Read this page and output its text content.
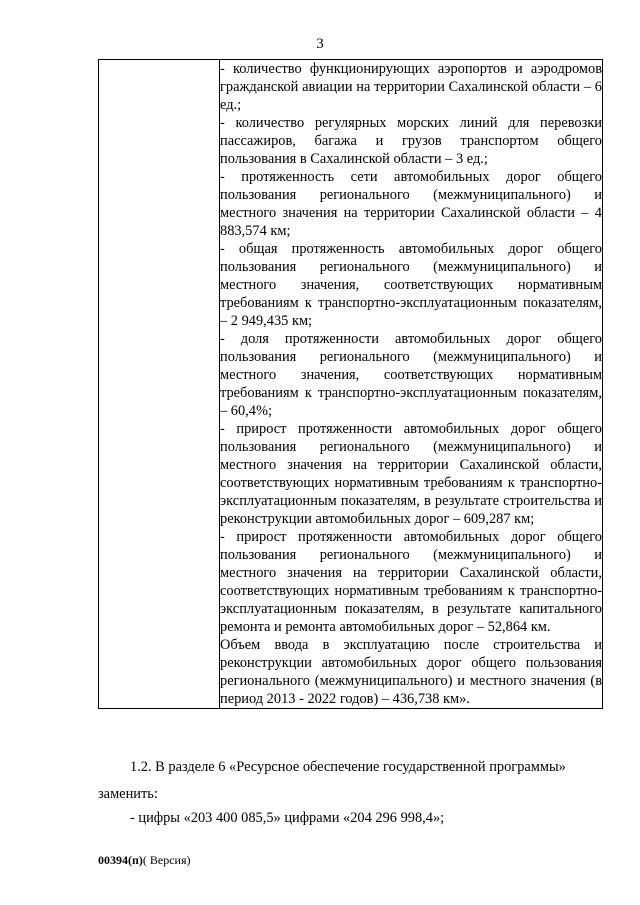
3

- количество функционирующих аэропортов и аэродромов гражданской авиации на территории Сахалинской области – 6 ед.;

- количество регулярных морских линий для перевозки пассажиров, багажа и грузов транспортом общего пользования в Сахалинской области – 3 ед.;

- протяженность сети автомобильных дорог общего пользования регионального (межмуниципального) и местного значения на территории Сахалинской области – 4 883,574 км;

- общая протяженность автомобильных дорог общего пользования регионального (межмуниципального) и местного значения, соответствующих нормативным требованиям к транспортно-эксплуатационным показателям, – 2 949,435 км;

- доля протяженности автомобильных дорог общего пользования регионального (межмуниципального) и местного значения, соответствующих нормативным требованиям к транспортно-эксплуатационным показателям, – 60,4%;

- прирост протяженности автомобильных дорог общего пользования регионального (межмуниципального) и местного значения на территории Сахалинской области, соответствующих нормативным требованиям к транспортно-эксплуатационным показателям, в результате строительства и реконструкции автомобильных дорог – 609,287 км;

- прирост протяженности автомобильных дорог общего пользования регионального (межмуниципального) и местного значения на территории Сахалинской области, соответствующих нормативным требованиям к транспортно-эксплуатационным показателям, в результате капитального ремонта и ремонта автомобильных дорог – 52,864 км.

Объем ввода в эксплуатацию после строительства и реконструкции автомобильных дорог общего пользования регионального (межмуниципального) и местного значения (в период 2013 - 2022 годов) – 436,738 км».

1.2. В разделе 6 «Ресурсное обеспечение государственной программы»
заменить:
- цифры «203 400 085,5» цифрами «204 296 998,4»;
00394(п)( Версия)
